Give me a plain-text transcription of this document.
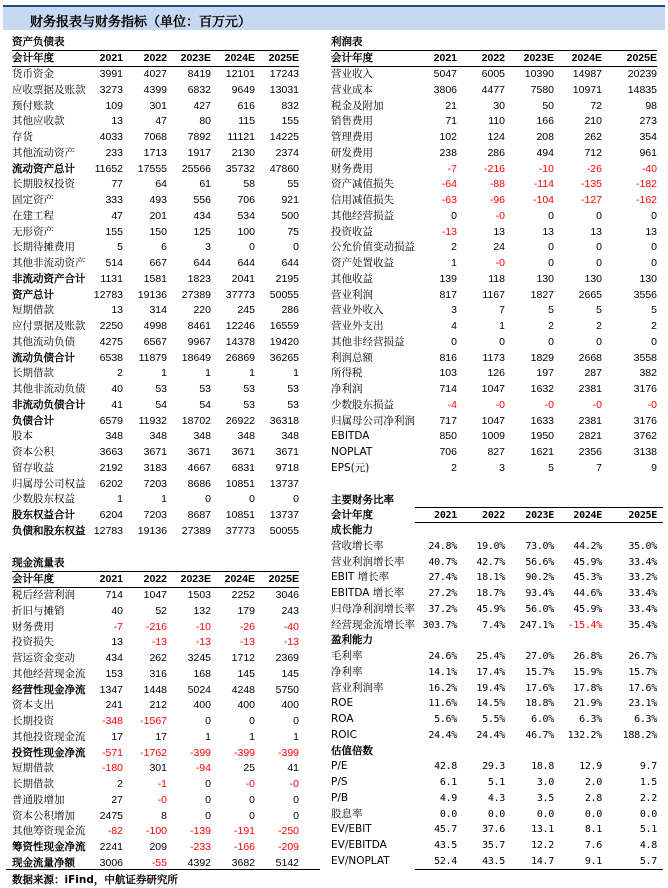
财务报表与财务指标（单位：百万元）
资产负债表
会计年度	2021	2022	2023E	2024E	2025E
货币资金	3991	4027	8419	12101	17243
应收票据及账款	3273	4399	6832	9649	13031
预付账款	109	301	427	616	832
其他应收款	13	47	80	115	155
存货	4033	7068	7892	11121	14225
其他流动资产	233	1713	1917	2130	2374
流动资产总计	11652	17555	25566	35732	47860
长期股权投资	77	64	61	58	55
固定资产	333	493	556	706	921
在建工程	47	201	434	534	500
无形资产	155	150	125	100	75
长期待摊费用	5	6	3	0	0
其他非流动资产	514	667	644	644	644
非流动资产合计	1131	1581	1823	2041	2195
资产总计	12783	19136	27389	37773	50055
短期借款	13	314	220	245	286
应付票据及账款	2250	4998	8461	12246	16559
其他流动负债	4275	6567	9967	14378	19420
流动负债合计	6538	11879	18649	26869	36265
长期借款	2	1	1	1	1
其他非流动负债	40	53	53	53	53
非流动负债合计	41	54	54	53	53
负债合计	6579	11932	18702	26922	36318
股本	348	348	348	348	348
资本公积	3663	3671	3671	3671	3671
留存收益	2192	3183	4667	6831	9718
归属母公司权益	6202	7203	8686	10851	13737
少数股东权益	1	1	0	0	0
股东权益合计	6204	7203	8687	10851	13737
负债和股东权益 12783	19136	27389	37773	50055
现金流量表
会计年度	2021	2022	2023E	2024E	2025E
税后经营利润	714	1047	1503	2252	3046
折旧与摊销	40	52	132	179	243
财务费用	-7	-216	-10	-26	-40
投资损失	13	-13	-13	-13	-13
营运资金变动	434	262	3245	1712	2369
其他经营现金流	153	316	168	145	145
经营性现金净流	1347	1448	5024	4248	5750
资本支出	241	212	400	400	400
长期投资	-348	-1567	0	0	0
其他投资现金流	17	17	1	1	1
投资性现金净流	-571	-1762	-399	-399	-399
短期借款	-180	301	-94	25	41
长期借款	2	-1	0	-0	-0
普通股增加	27	-0	0	0	0
资本公积增加	2475	8	0	0	0
其他筹资现金流	-82	-100	-139	-191	-250
筹资性现金净流	2241	209	-233	-166	-209
现金流量净额	3006	-55	4392	3682	5142
利润表
会计年度	2021	2022	2023E	2024E	2025E
营业收入	5047	6005	10390	14987	20239
营业成本	3806	4477	7580	10971	14835
税金及附加	21	30	50	72	98
销售费用	71	110	166	210	273
管理费用	102	124	208	262	354
研发费用	238	286	494	712	961
财务费用	-7	-216	-10	-26	-40
资产减值损失	-64	-88	-114	-135	-182
信用减值损失	-63	-96	-104	-127	-162
其他经营损益	0	-0	0	0	0
投资收益	-13	13	13	13	13
公允价值变动损益	2	24	0	0	0
资产处置收益	1	-0	0	0	0
其他收益	139	118	130	130	130
营业利润	817	1167	1827	2665	3556
营业外收入	3	7	5	5	5
营业外支出	4	1	2	2	2
其他非经营损益	0	0	0	0	0
利润总额	816	1173	1829	2668	3558
所得税	103	126	197	287	382
净利润	714	1047	1632	2381	3176
少数股东损益	-4	-0	-0	-0	-0
归属母公司净利润	717	1047	1633	2381	3176
EBITDA	850	1009	1950	2821	3762
NOPLAT	706	827	1621	2356	3138
EPS(元)	2	3	5	7	9
主要财务比率
会计年度	2021	2022	2023E	2024E	2025E
成长能力
营收增长率	24.8%	19.0%	73.0%	44.2%	35.0%
营业利润增长率	40.7%	42.7%	56.6%	45.9%	33.4%
EBIT 增长率	27.4%	18.1%	90.2%	45.3%	33.2%
EBITDA 增长率	27.2%	18.7%	93.4%	44.6%	33.4%
归母净利润增长率	37.2%	45.9%	56.0%	45.9%	33.4%
经营现金流增长率 303.7%	7.4%	247.1%	-15.4%	35.4%
盈利能力
毛利率	24.6%	25.4%	27.0%	26.8%	26.7%
净利率	14.1%	17.4%	15.7%	15.9%	15.7%
营业利润率	16.2%	19.4%	17.6%	17.8%	17.6%
ROE	11.6%	14.5%	18.8%	21.9%	23.1%
ROA	5.6%	5.5%	6.0%	6.3%	6.3%
ROIC	24.4%	24.4%	46.7%	132.2%	188.2%
估值倍数
P/E	42.8	29.3	18.8	12.9	9.7
P/S	6.1	5.1	3.0	2.0	1.5
P/B	4.9	4.3	3.5	2.8	2.2
股息率	0.0	0.0	0.0	0.0	0.0
EV/EBIT	45.7	37.6	13.1	8.1	5.1
EV/EBITDA	43.5	35.7	12.2	7.6	4.8
EV/NOPLAT	52.4	43.5	14.7	9.1	5.7
数据来源：iFind，中航证券研究所
